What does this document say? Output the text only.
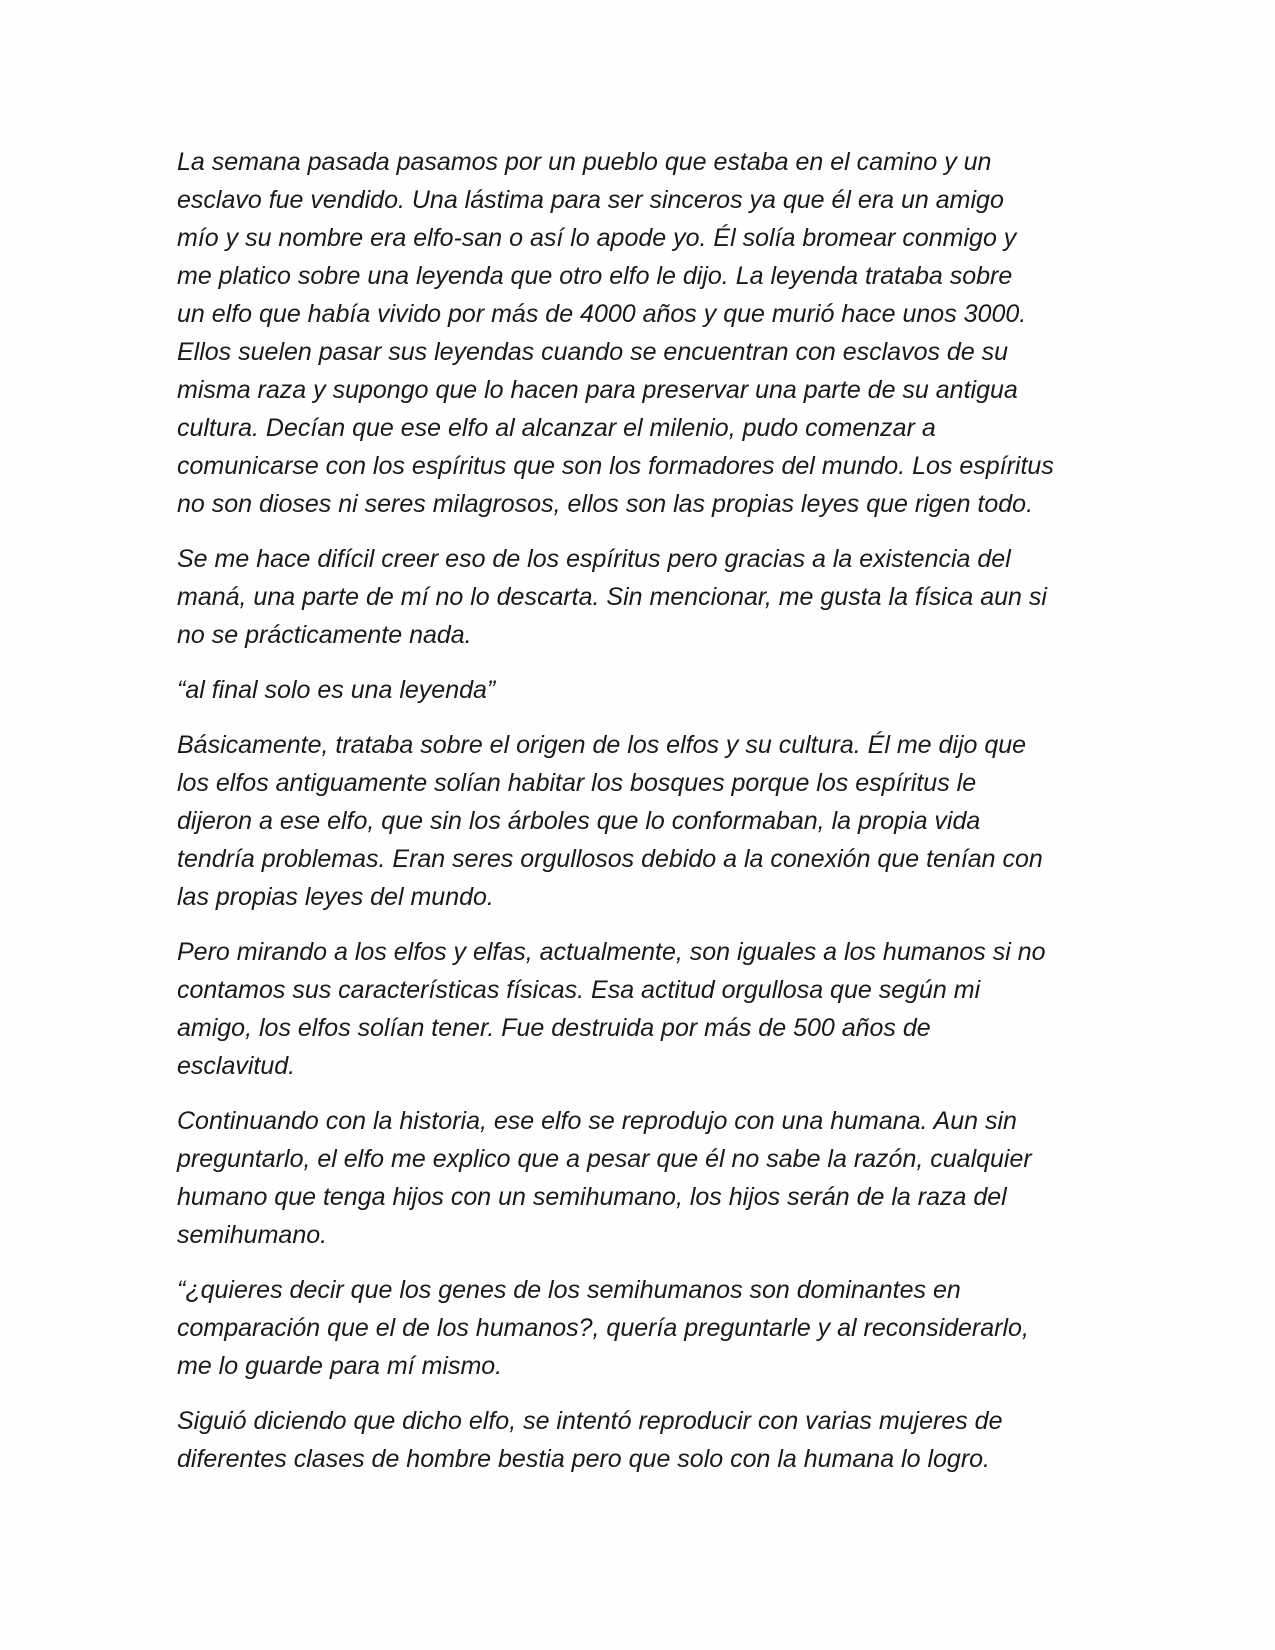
La semana pasada pasamos por un pueblo que estaba en el camino y un
esclavo fue vendido. Una lástima para ser sinceros ya que él era un amigo
mío y su nombre era elfo-san o así lo apode yo. Él solía bromear conmigo y
me platico sobre una leyenda que otro elfo le dijo. La leyenda trataba sobre
un elfo que había vivido por más de 4000 años y que murió hace unos 3000.
Ellos suelen pasar sus leyendas cuando se encuentran con esclavos de su
misma raza y supongo que lo hacen para preservar una parte de su antigua
cultura. Decían que ese elfo al alcanzar el milenio, pudo comenzar a
comunicarse con los espíritus que son los formadores del mundo. Los espíritus
no son dioses ni seres milagrosos, ellos son las propias leyes que rigen todo.

Se me hace difícil creer eso de los espíritus pero gracias a la existencia del
maná, una parte de mí no lo descarta. Sin mencionar, me gusta la física aun si
no se prácticamente nada.

“al final solo es una leyenda”

Básicamente, trataba sobre el origen de los elfos y su cultura. Él me dijo que
los elfos antiguamente solían habitar los bosques porque los espíritus le
dijeron a ese elfo, que sin los árboles que lo conformaban, la propia vida
tendría problemas. Eran seres orgullosos debido a la conexión que tenían con
las propias leyes del mundo.

Pero mirando a los elfos y elfas, actualmente, son iguales a los humanos si no
contamos sus características físicas. Esa actitud orgullosa que según mi
amigo, los elfos solían tener. Fue destruida por más de 500 años de
esclavitud.

Continuando con la historia, ese elfo se reprodujo con una humana. Aun sin
preguntarlo, el elfo me explico que a pesar que él no sabe la razón, cualquier
humano que tenga hijos con un semihumano, los hijos serán de la raza del
semihumano.

“¿quieres decir que los genes de los semihumanos son dominantes en
comparación que el de los humanos?, quería preguntarle y al reconsiderarlo,
me lo guarde para mí mismo.

Siguió diciendo que dicho elfo, se intentó reproducir con varias mujeres de
diferentes clases de hombre bestia pero que solo con la humana lo logro.
